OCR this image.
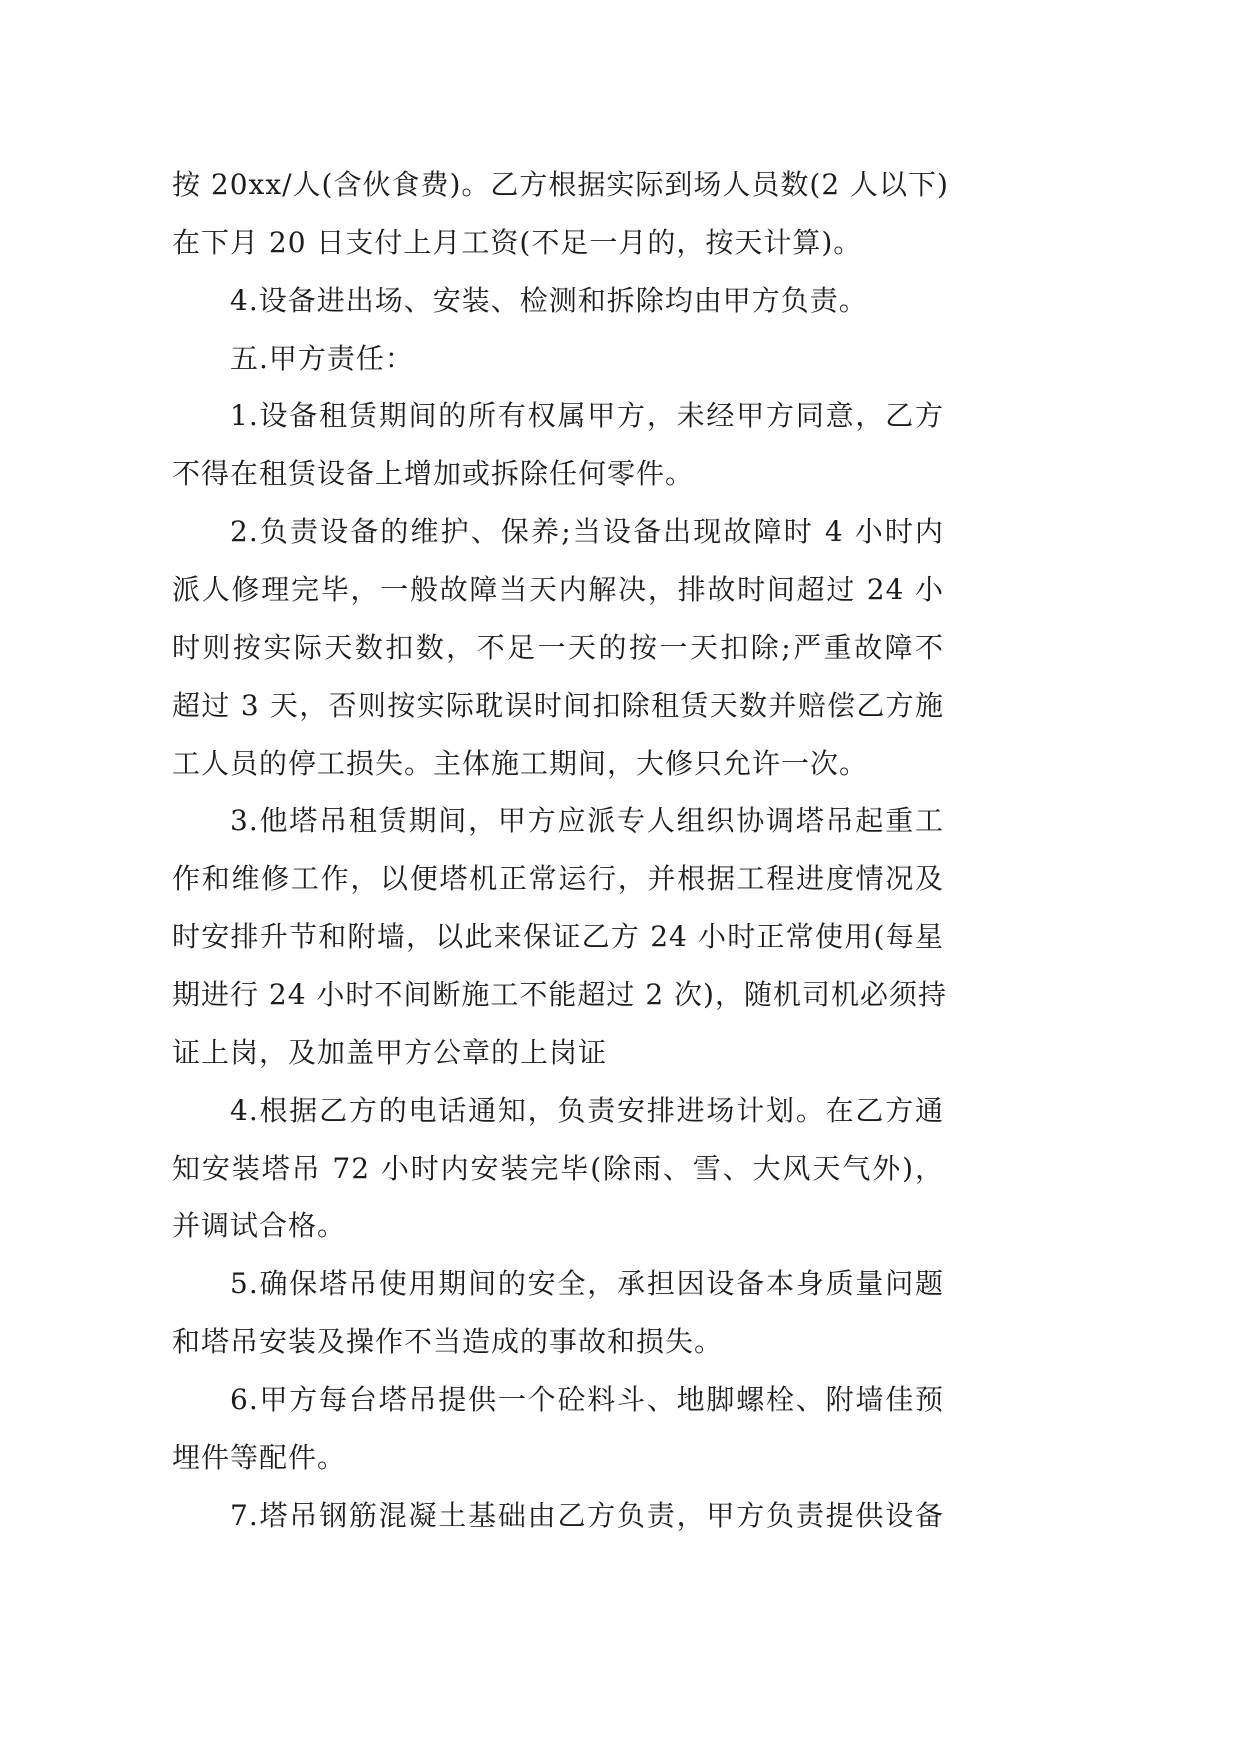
按 20xx/人(含伙食费)。乙方根据实际到场人员数(2 人以下)
在下月 20 日支付上月工资(不足一月的，按天计算)。
4.设备进出场、安装、检测和拆除均由甲方负责。
五.甲方责任：
1.设备租赁期间的所有权属甲方，未经甲方同意，乙方
不得在租赁设备上增加或拆除任何零件。
2.负责设备的维护、保养;当设备出现故障时 4 小时内
派人修理完毕，一般故障当天内解决，排故时间超过 24 小
时则按实际天数扣数，不足一天的按一天扣除;严重故障不
超过 3 天，否则按实际耽误时间扣除租赁天数并赔偿乙方施
工人员的停工损失。主体施工期间，大修只允许一次。
3.他塔吊租赁期间，甲方应派专人组织协调塔吊起重工
作和维修工作，以便塔机正常运行，并根据工程进度情况及
时安排升节和附墙，以此来保证乙方 24 小时正常使用(每星
期进行 24 小时不间断施工不能超过 2 次)，随机司机必须持
证上岗，及加盖甲方公章的上岗证
4.根据乙方的电话通知，负责安排进场计划。在乙方通
知安装塔吊 72 小时内安装完毕(除雨、雪、大风天气外)，
并调试合格。
5.确保塔吊使用期间的安全，承担因设备本身质量问题
和塔吊安装及操作不当造成的事故和损失。
6.甲方每台塔吊提供一个砼料斗、地脚螺栓、附墙佳预
埋件等配件。
7.塔吊钢筋混凝土基础由乙方负责，甲方负责提供设备
